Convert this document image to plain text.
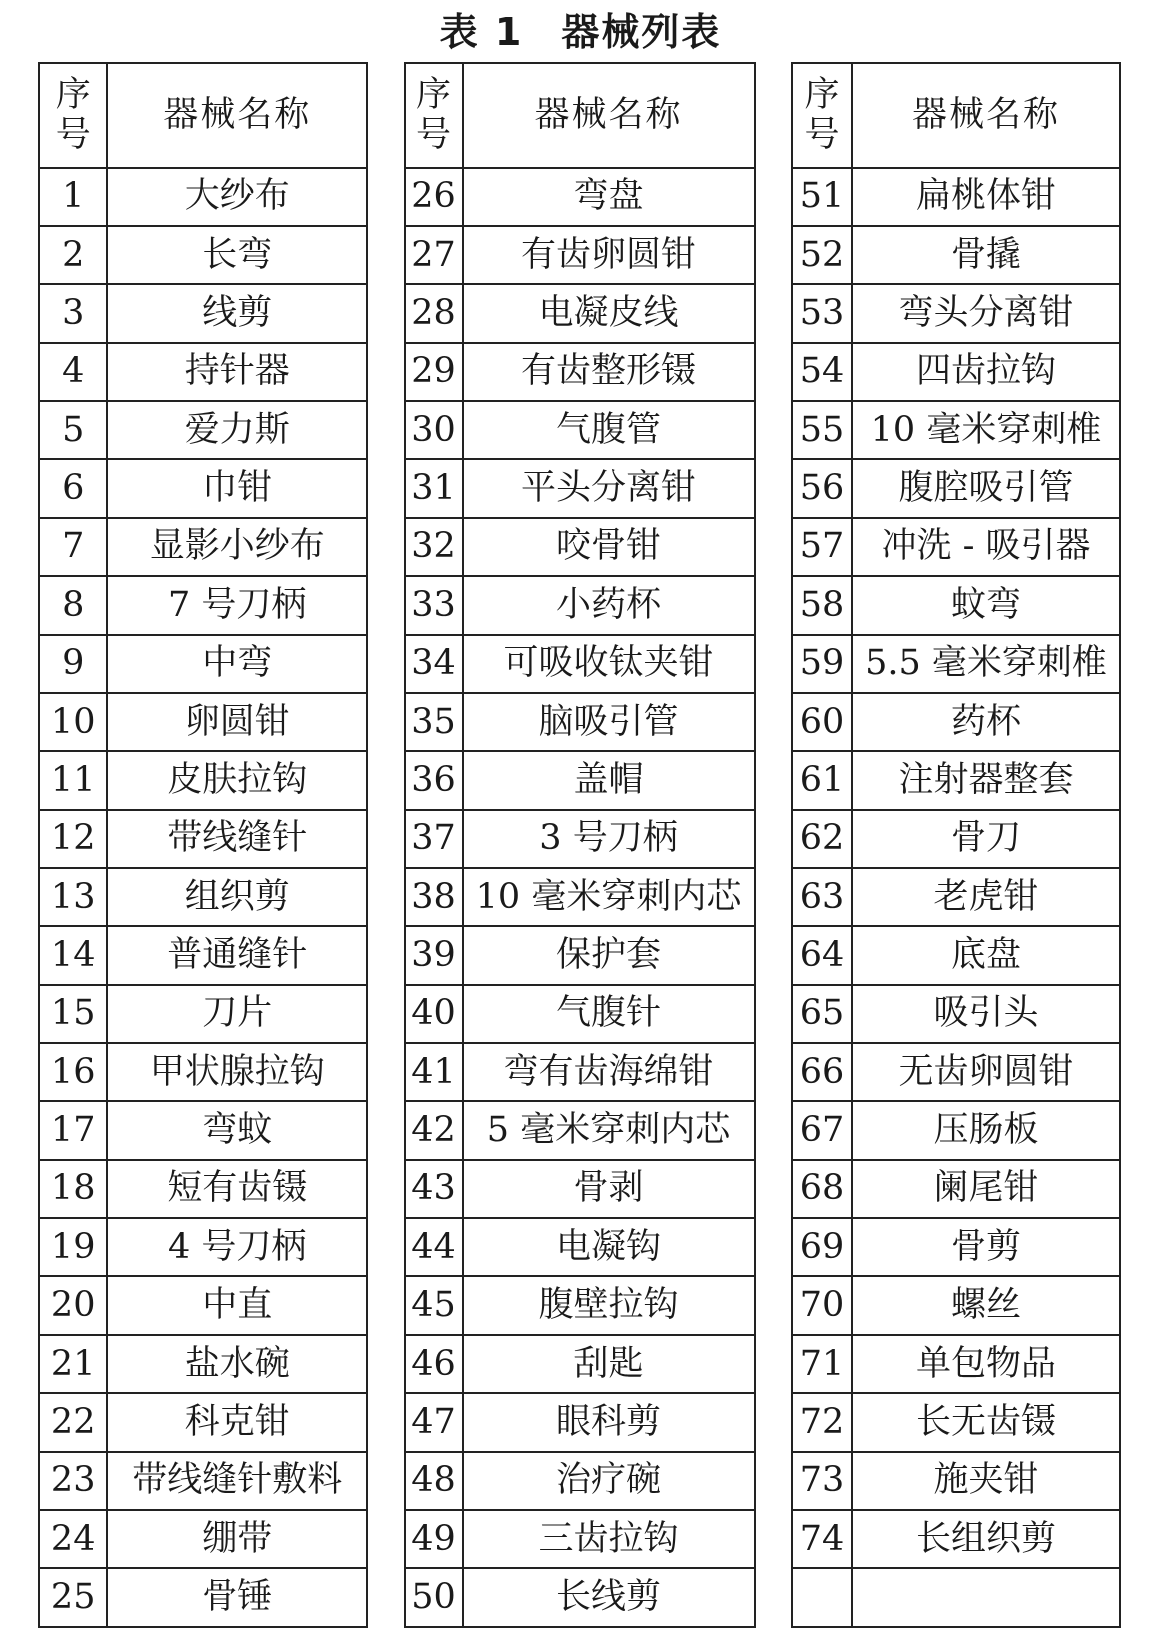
表 1 器械列表
序
号	器械名称
1	大纱布
2	长弯
3	线剪
4	持针器
5	爱力斯
6	巾钳
7	显影小纱布
8	7 号刀柄
9	中弯
10	卵圆钳
11	皮肤拉钩
12	带线缝针
13	组织剪
14	普通缝针
15	刀片
16	甲状腺拉钩
17	弯蚊
18	短有齿镊
19	4 号刀柄
20	中直
21	盐水碗
22	科克钳
23	带线缝针敷料
24	绷带
25	骨锤
序
号	器械名称
26	弯盘
27	有齿卵圆钳
28	电凝皮线
29	有齿整形镊
30	气腹管
31	平头分离钳
32	咬骨钳
33	小药杯
34	可吸收钛夹钳
35	脑吸引管
36	盖帽
37	3 号刀柄
38	10 毫米穿刺内芯
39	保护套
40	气腹针
41	弯有齿海绵钳
42	5 毫米穿刺内芯
43	骨剥
44	电凝钩
45	腹壁拉钩
46	刮匙
47	眼科剪
48	治疗碗
49	三齿拉钩
50	长线剪
序
号	器械名称
51	扁桃体钳
52	骨撬
53	弯头分离钳
54	四齿拉钩
55	10 毫米穿刺椎
56	腹腔吸引管
57	冲洗 - 吸引器
58	蚊弯
59	5.5 毫米穿刺椎
60	药杯
61	注射器整套
62	骨刀
63	老虎钳
64	底盘
65	吸引头
66	无齿卵圆钳
67	压肠板
68	阑尾钳
69	骨剪
70	螺丝
71	单包物品
72	长无齿镊
73	施夹钳
74	长组织剪
